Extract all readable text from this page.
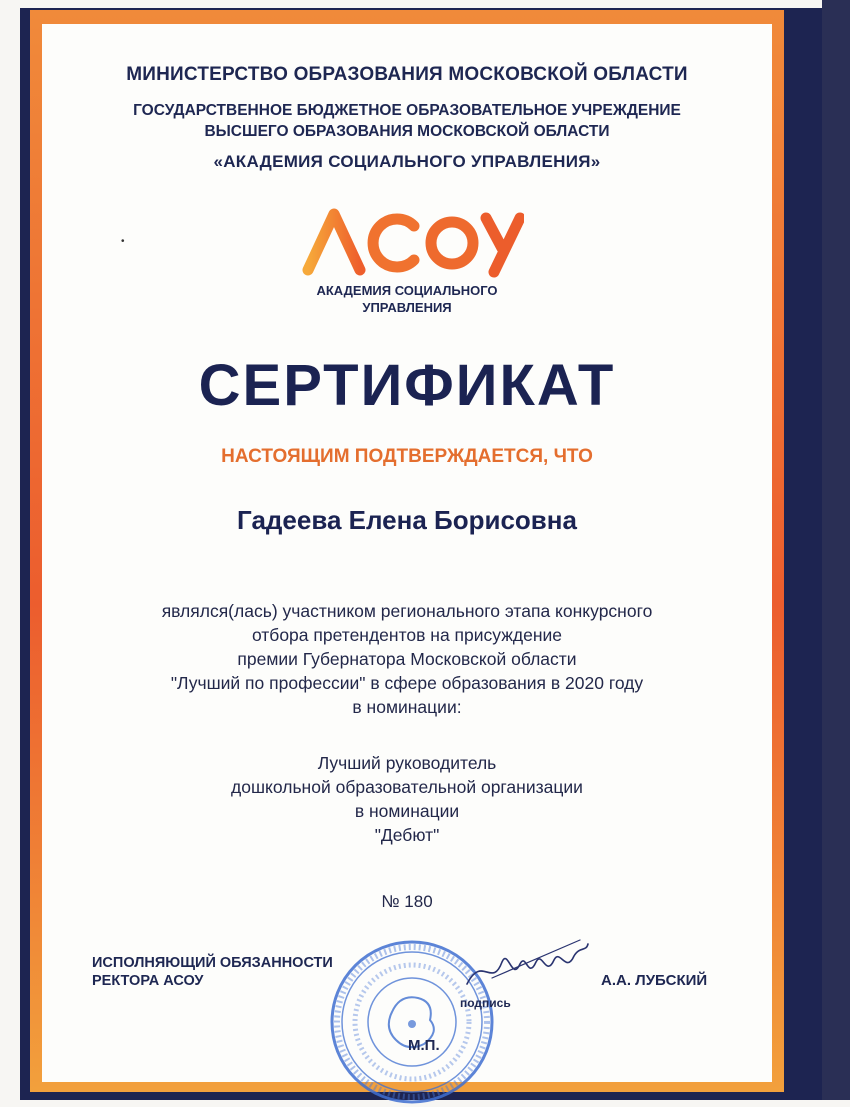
МИНИСТЕРСТВО ОБРАЗОВАНИЯ МОСКОВСКОЙ ОБЛАСТИ
ГОСУДАРСТВЕННОЕ БЮДЖЕТНОЕ ОБРАЗОВАТЕЛЬНОЕ УЧРЕЖДЕНИЕ
ВЫСШЕГО ОБРАЗОВАНИЯ МОСКОВСКОЙ ОБЛАСТИ
«АКАДЕМИЯ СОЦИАЛЬНОГО УПРАВЛЕНИЯ»
•
АКАДЕМИЯ СОЦИАЛЬНОГО
УПРАВЛЕНИЯ
СЕРТИФИКАТ
НАСТОЯЩИМ ПОДТВЕРЖДАЕТСЯ, ЧТО
Гадеева Елена Борисовна
являлся(лась) участником регионального этапа конкурсного
отбора претендентов на присуждение
премии Губернатора Московской области
"Лучший по профессии" в сфере образования в 2020 году
в номинации:
Лучший руководитель
дошкольной образовательной организации
в номинации
"Дебют"
№ 180
ИСПОЛНЯЮЩИЙ ОБЯЗАННОСТИ
РЕКТОРА АСОУ
подпись
М.П.
А.А. ЛУБСКИЙ
